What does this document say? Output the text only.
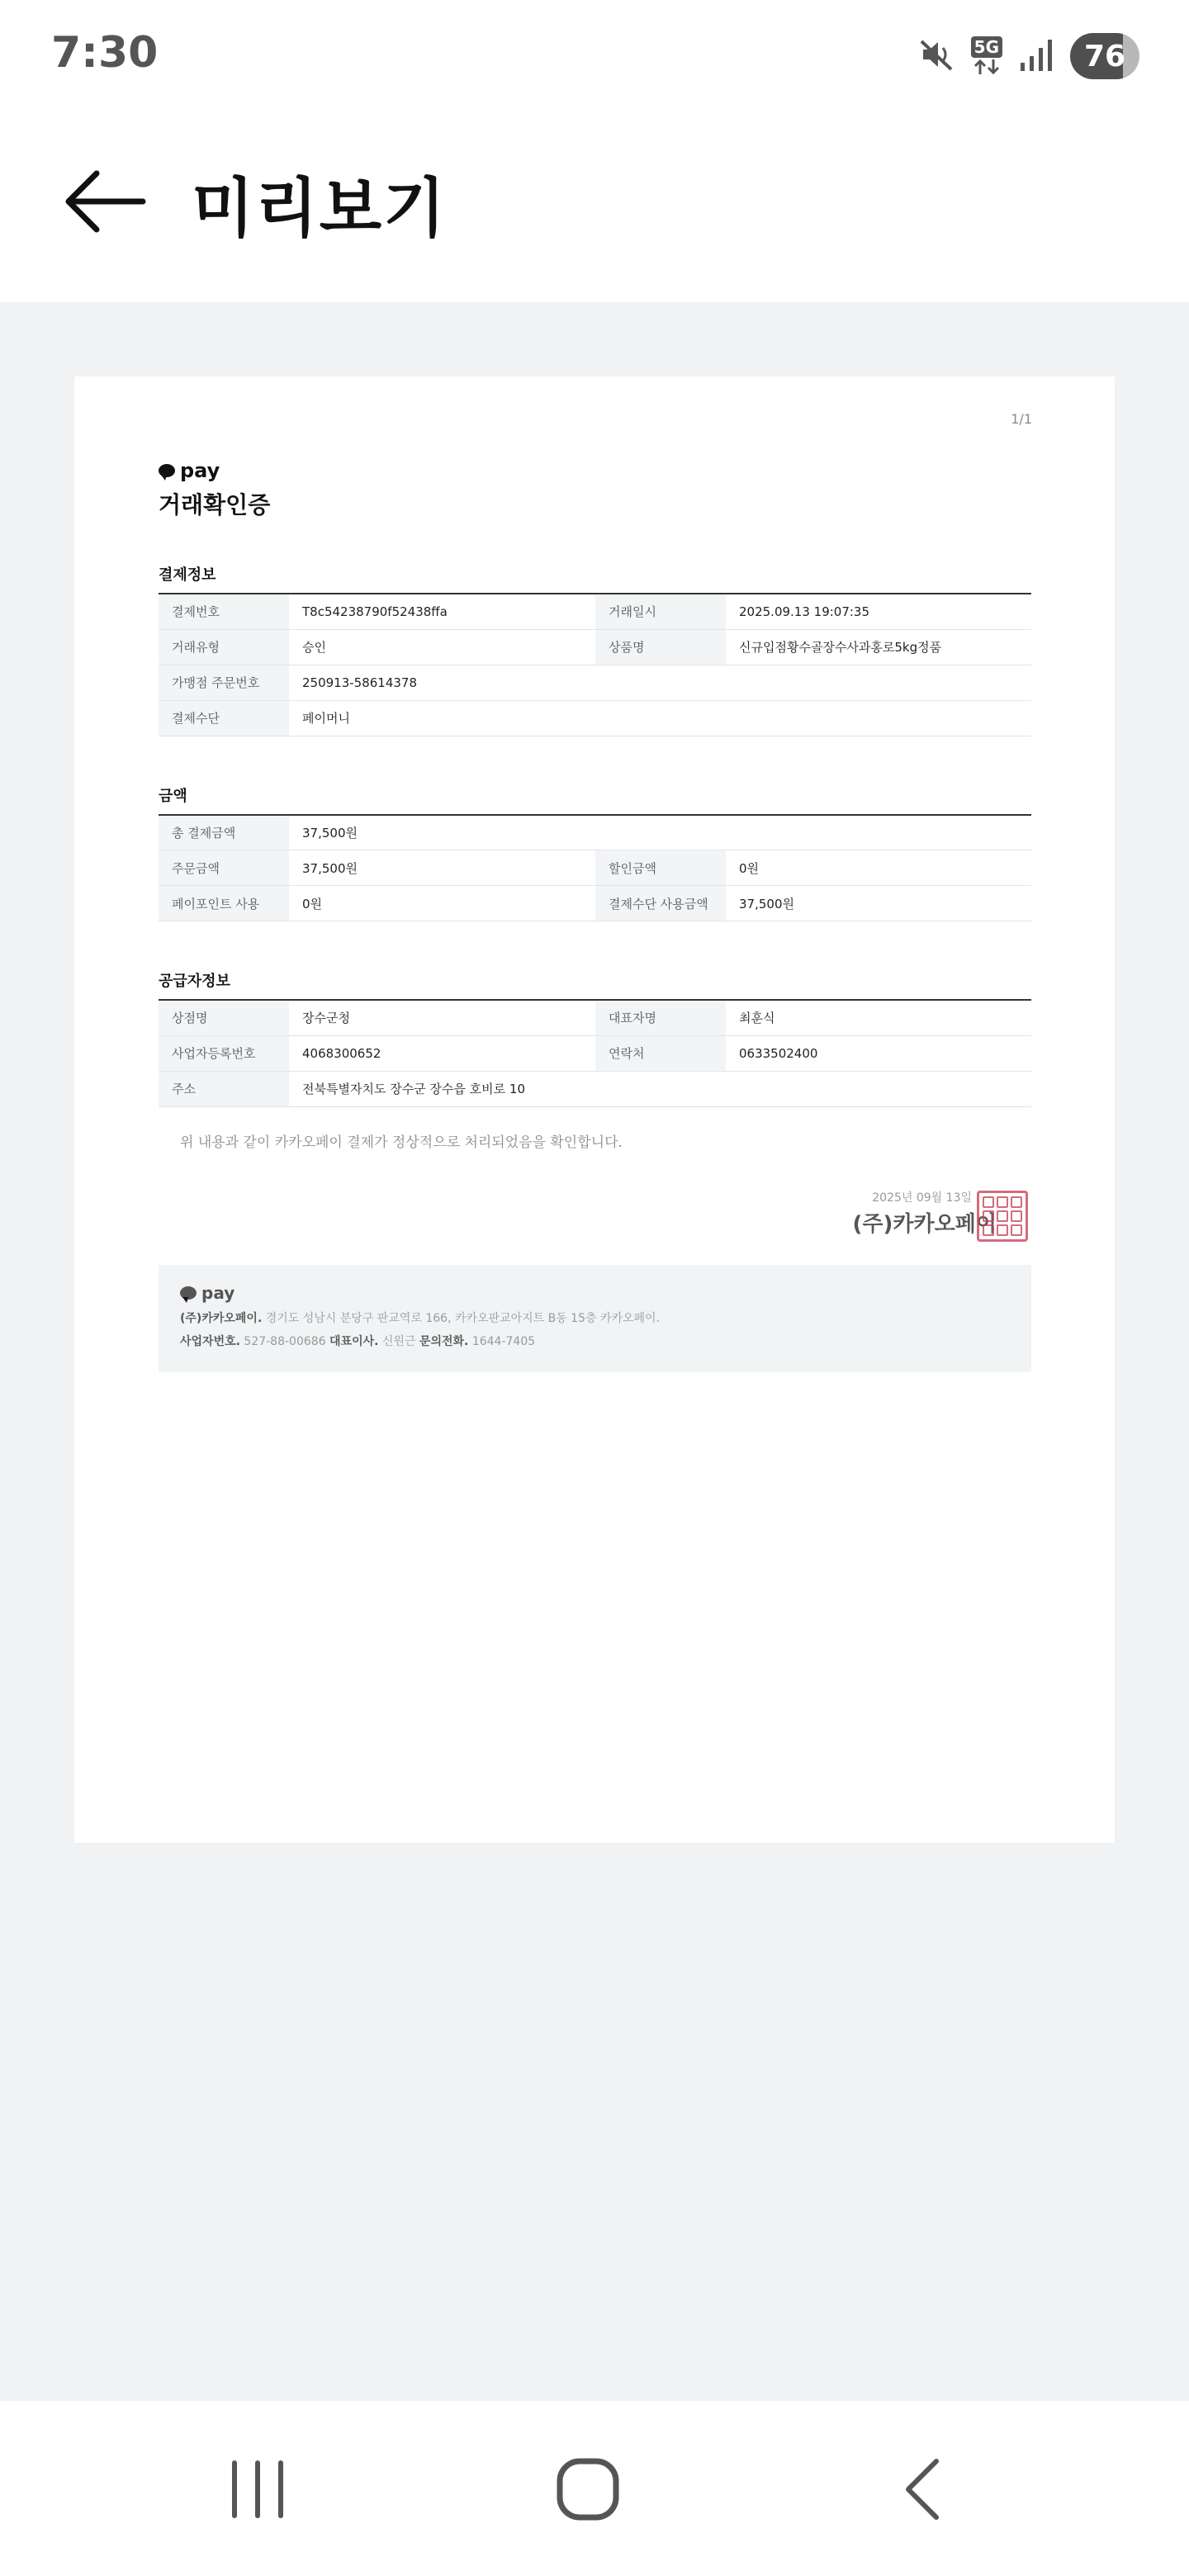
7:30	5G	76
미리보기
1/1
pay
거래확인증
결제정보
결제번호	T8c54238790f52438ffa	거래일시	2025.09.13 19:07:35
거래유형	승인	상품명	신규입점황수골장수사과홍로5kg정품
가맹점 주문번호	250913-58614378		
결제수단	페이머니		
금액
총 결제금액	37,500원		
주문금액	37,500원	할인금액	0원
페이포인트 사용	0원	결제수단 사용금액	37,500원
공급자정보
상점명	장수군청	대표자명	최훈식
사업자등록번호	4068300652	연락처	0633502400
주소	전북특별자치도 장수군 장수읍 호비로 10		
위 내용과 같이 카카오페이 결제가 정상적으로 처리되었음을 확인합니다.
2025년 09월 13일
(주)카카오페이
pay
(주)카카오페이. 경기도 성남시 분당구 판교역로 166, 카카오판교아지트 B동 15층 카카오페이.
사업자번호. 527-88-00686 대표이사. 신원근 문의전화. 1644-7405
